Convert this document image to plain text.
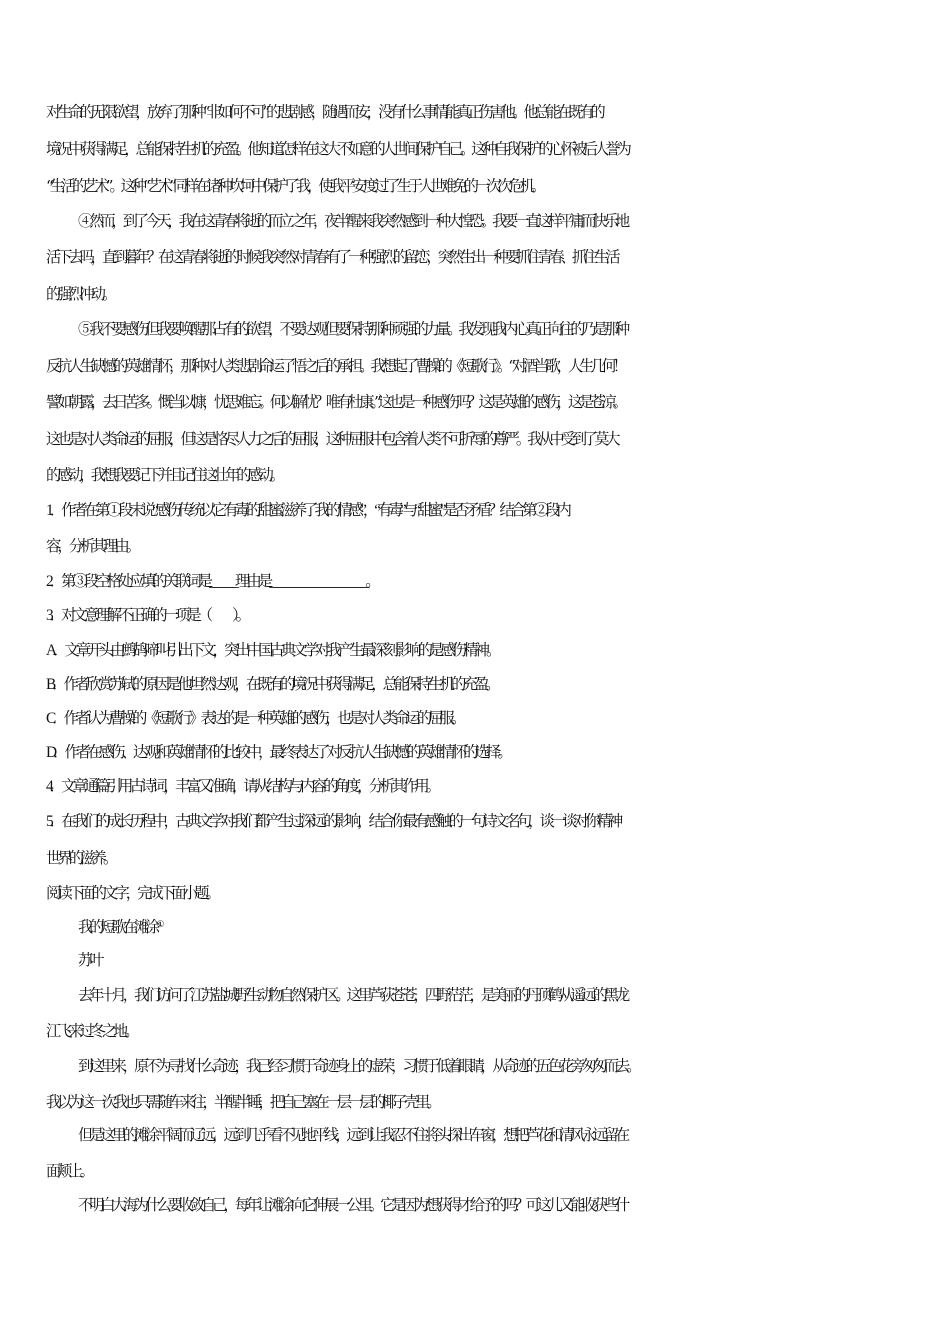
对生命的无限欲望，放弃了那种“非如何不可”的悲剧感，随遇而安，没有什么事情能真正伤害他。他总能在既有的
境况中获得满足，总能保持生机的充盈。他知道怎样在这大不如意的人世间保护自己。这种自我保护的心怀被后人誉为
“生活的艺术”。这种“艺术”同样在诸种坎坷中保护了我，使我平安度过了生于人世难免的一次次危机。
④然而，到了今天，我在这青春将逝的而立之年，夜半醒来我突然感到一种大惶恐。我要一直这样平庸而快乐地
活下去吗，直到暮年？在这青春将逝的时候我突然对青春有了一种强烈的留恋，突然生出一种要抓住青春、抓住生活
的强烈冲动。
⑤我不要感伤但我要唤醒那占有的欲望，不要达观但要保持那种顽强的力量。我发现我内心真正向往的乃是那种
反抗人生缺憾的英雄情怀，那种对人类悲剧命运了悟之后的承担。我想起了曹操的《短歌行》。“对酒当歌，人生几何！
譬如朝露，去日苦多。慨当以慷，忧思难忘。何以解忧？唯有杜康。”这也是一种感伤吗？这是英雄的感伤，这是苍凉。
这也是对人类命运的屈服，但这是恪尽人力之后的屈服，这种屈服中包含着人类不可折辱的尊严。我从中受到了莫大
的感动，我想我要记下并且记住这壮年的感动。
1．作者在第①段末说“感伤传统以它有毒的甜蜜滋养了我的情感”，“有毒”与“甜蜜”是否矛盾？结合第②段内
容，分析其理由。
2．第③段空格处应填的关联词是_______理由是__________________________。
3．对文意理解不正确的一项是（　　）。
A．文章开头由鹧鸪啼叫引出下文，突出中国古典文学对我产生最深刻影响的是感伤精神。
B．作者欣赏苏轼的原因是他坦然达观，在既有的境况中获得满足，总能保持生机的充盈。
C．作者认为曹操的《短歌行》表达的是一种英雄的感伤，也是对人类命运的屈服。
D．作者在感伤、达观和英雄情怀的比较中，最终表达了对反抗人生缺憾的英雄情怀的选择。
4．文章通篇引用古诗词，丰富又准确，请从结构与内容的角度，分析其作用。
5．在我们的成长历程中，古典文学对我们都产生过深远的影响，结合你最有感触的一句诗文名句，谈一谈对你精神
世界的滋养。
阅读下面的文字，完成下面小题。
我的短歌在滩涂①
苏叶
去年十月，我们访问了江苏盐城野生动物自然保护区。这里芦荻苍苍，四野茫茫，是美丽的丹顶鹤从遥远的黑龙
江飞来过冬之地。
到这里来，原不为寻找什么奇迹，我已经习惯于奇迹身上的虚荣，习惯于低着眼睛，从奇迹的五色花旁匆匆而去。
我以为这一次我也只需随车来往，半醒半睡，把自己塞在一层一层的椰子壳里。
但是这里的滩涂平阔而辽远，远到几乎看不见地平线，远到让我忍不住将头探出车窗，想把芦花和清风永远留在
面颊上。
不明白大海为什么要收敛自己，每年让滩涂向它伸展一公里。它是因为想获得才给予的吗？可这儿又能收获些什
